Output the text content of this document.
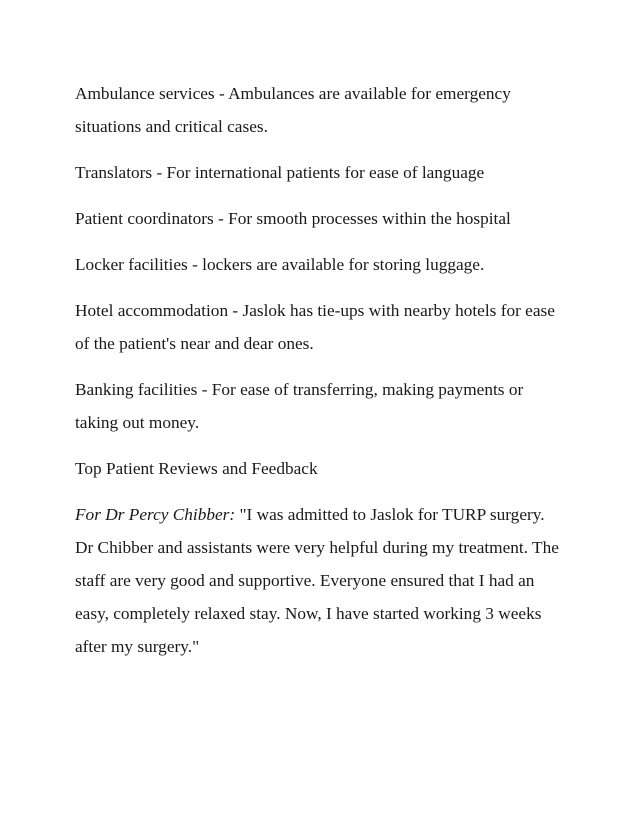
Ambulance services - Ambulances are available for emergency situations and critical cases.

Translators - For international patients for ease of language

Patient coordinators - For smooth processes within the hospital

Locker facilities - lockers are available for storing luggage.

Hotel accommodation - Jaslok has tie-ups with nearby hotels for ease of the patient's near and dear ones.

Banking facilities - For ease of transferring, making payments or taking out money.

Top Patient Reviews and Feedback

For Dr Percy Chibber: "I was admitted to Jaslok for TURP surgery. Dr Chibber and assistants were very helpful during my treatment. The staff are very good and supportive. Everyone ensured that I had an easy, completely relaxed stay. Now, I have started working 3 weeks after my surgery."
